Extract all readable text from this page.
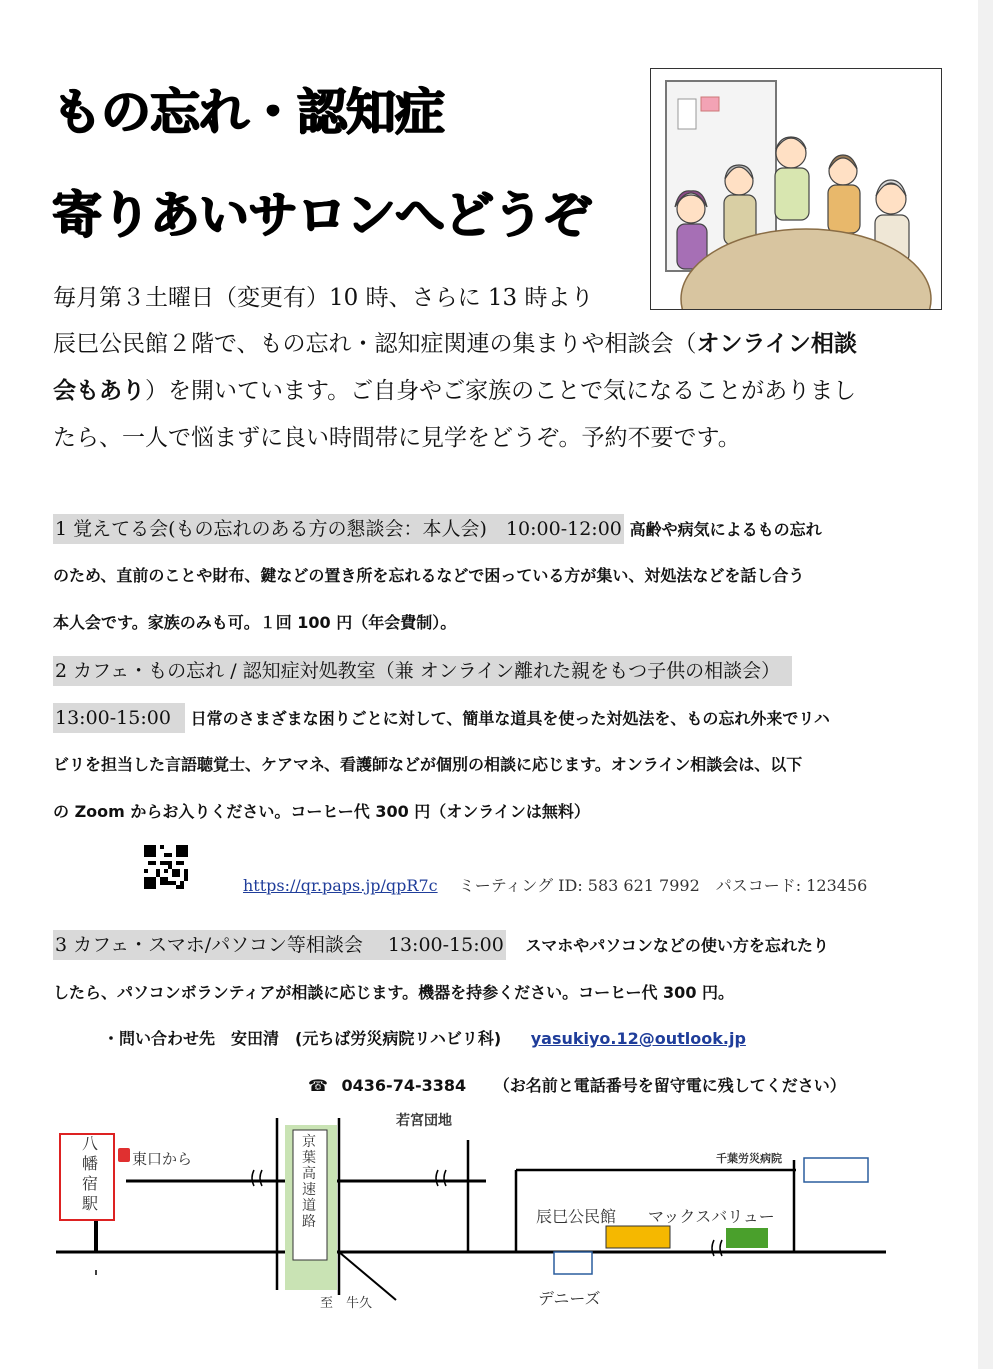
もの忘れ・認知症
寄りあいサロンへどうぞ
毎月第３土曜日（変更有）10 時、さらに 13 時より
辰巳公民館２階で、もの忘れ・認知症関連の集まりや相談会（オンライン相談
会もあり）を開いています。ご自身やご家族のことで気になることがありまし
たら、一人で悩まずに良い時間帯に見学をどうぞ。予約不要です。
1 覚えてる会(もの忘れのある方の懇談会：本人会)　10:00-12:00 高齢や病気によるもの忘れ
のため、直前のことや財布、鍵などの置き所を忘れるなどで困っている方が集い、対処法などを話し合う
本人会です。家族のみも可。１回 100 円（年会費制）。
2 カフェ・もの忘れ / 認知症対処教室（兼 オンライン離れた親をもつ子供の相談会）
13:00-15:00 日常のさまざまな困りごとに対して、簡単な道具を使った対処法を、もの忘れ外来でリハ
ビリを担当した言語聴覚士、ケアマネ、看護師などが個別の相談に応じます。オンライン相談会は、以下
の Zoom からお入りください。コーヒー代 300 円（オンラインは無料）
https://qr.paps.jp/qpR7c ミーティング ID: 583 621 7992　パスコード: 123456
3 カフェ・スマホ/パソコン等相談会　 13:00-15:00 スマホやパソコンなどの使い方を忘れたり
したら、パソコンボランティアが相談に応じます。機器を持参ください。コーヒー代 300 円。
・問い合わせ先　安田清　(元ちば労災病院リハビリ科) yasukiyo.12@outlook.jp
☎ 0436-74-3384 （お名前と電話番号を留守電に残してください）
八
幡
宿
駅
東口から
京
葉
高
速
道
路
若宮団地
千葉労災病院
辰巳公民館 マックスバリュー
デニーズ
至　牛久
